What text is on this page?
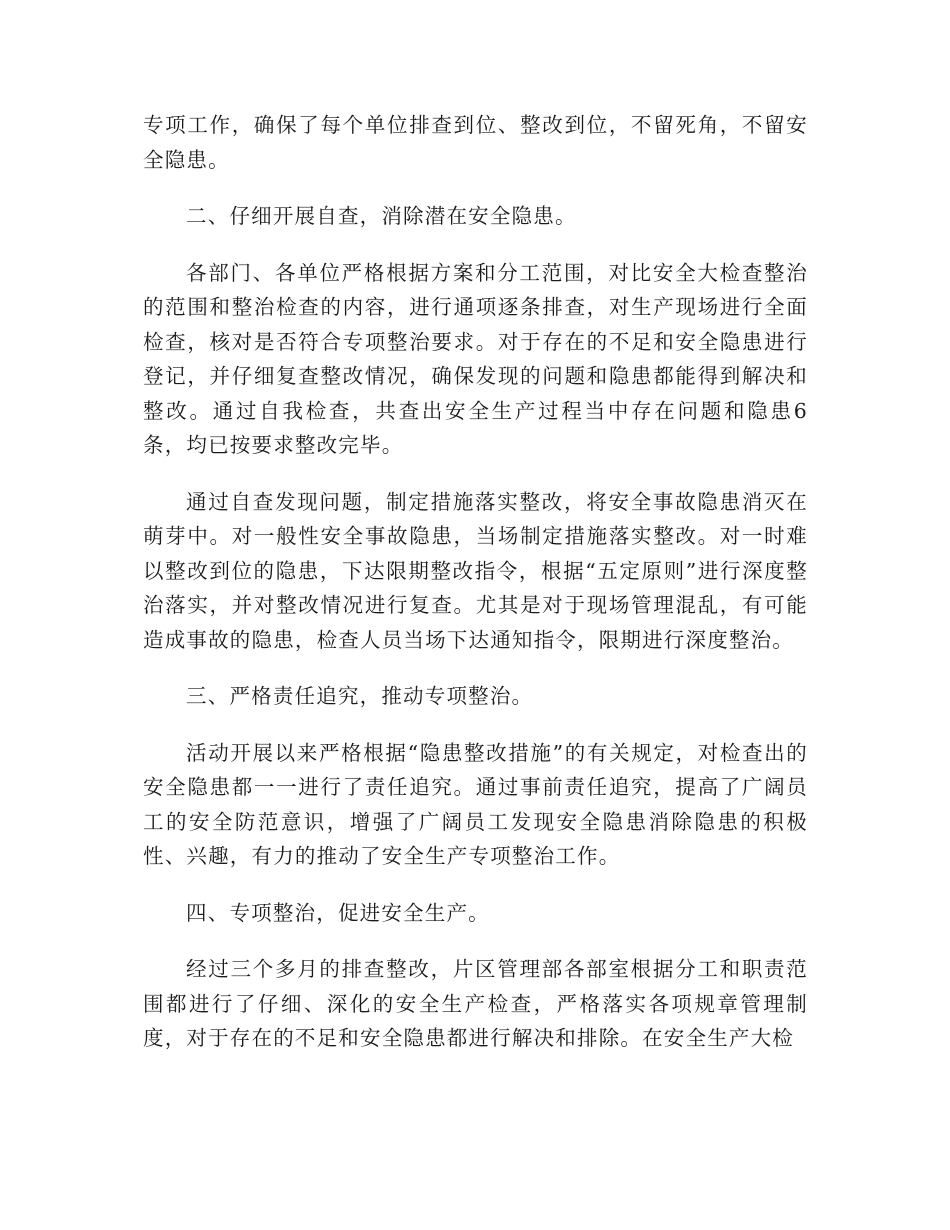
专项工作，确保了每个单位排查到位、整改到位，不留死角，不留安全隐患。

二、仔细开展自查，消除潜在安全隐患。

各部门、各单位严格根据方案和分工范围，对比安全大检查整治的范围和整治检查的内容，进行通项逐条排查，对生产现场进行全面检查，核对是否符合专项整治要求。对于存在的不足和安全隐患进行登记，并仔细复查整改情况，确保发现的问题和隐患都能得到解决和整改。通过自我检查，共查出安全生产过程当中存在问题和隐患6条，均已按要求整改完毕。

通过自查发现问题，制定措施落实整改，将安全事故隐患消灭在萌芽中。对一般性安全事故隐患，当场制定措施落实整改。对一时难以整改到位的隐患，下达限期整改指令，根据“五定原则”进行深度整治落实，并对整改情况进行复查。尤其是对于现场管理混乱，有可能造成事故的隐患，检查人员当场下达通知指令，限期进行深度整治。

三、严格责任追究，推动专项整治。

活动开展以来严格根据“隐患整改措施”的有关规定，对检查出的安全隐患都一一进行了责任追究。通过事前责任追究，提高了广阔员工的安全防范意识，增强了广阔员工发现安全隐患消除隐患的积极性、兴趣，有力的推动了安全生产专项整治工作。

四、专项整治，促进安全生产。

经过三个多月的排查整改，片区管理部各部室根据分工和职责范围都进行了仔细、深化的安全生产检查，严格落实各项规章管理制度，对于存在的不足和安全隐患都进行解决和排除。在安全生产大检
